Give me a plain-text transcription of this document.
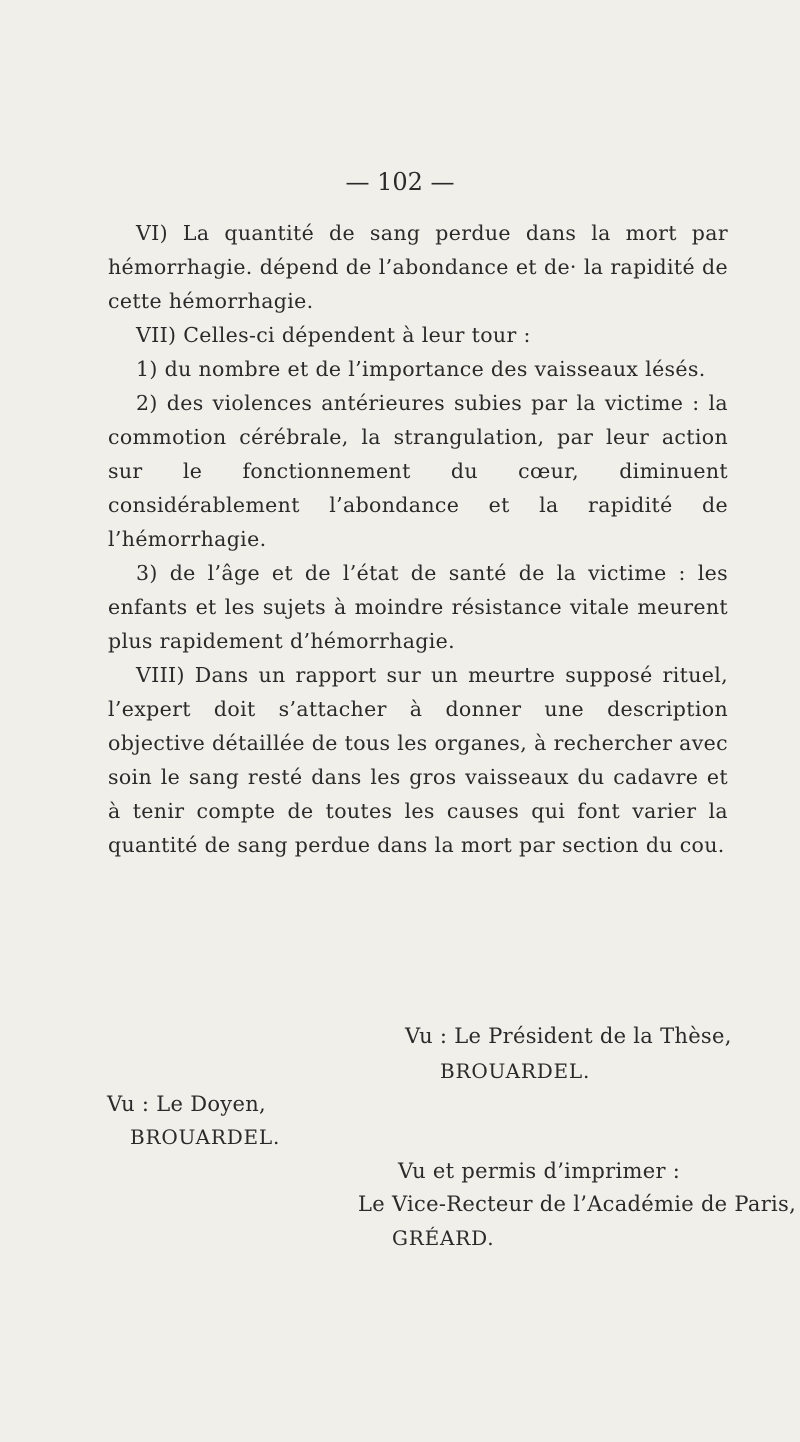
— 102 —

VI) La quantité de sang perdue dans la mort par hémorrhagie. dépend de l’abondance et de· la rapidité de cette hémorrhagie.

VII) Celles-ci dépendent à leur tour :

1) du nombre et de l’importance des vaisseaux lésés.

2) des violences antérieures subies par la victime : la commotion cérébrale, la strangulation, par leur action sur le fonctionnement du cœur, diminuent considérablement l’abondance et la rapidité de l’hémorrhagie.

3) de l’âge et de l’état de santé de la victime : les enfants et les sujets à moindre résistance vitale meurent plus rapidement d’hémorrhagie.

VIII) Dans un rapport sur un meurtre supposé rituel, l’expert doit s’attacher à donner une description objective détaillée de tous les organes, à rechercher avec soin le sang resté dans les gros vaisseaux du cadavre et à tenir compte de toutes les causes qui font varier la quantité de sang perdue dans la mort par section du cou.

Vu : Le Président de la Thèse,
BROUARDEL.
Vu : Le Doyen,
BROUARDEL.
Vu et permis d’imprimer :
Le Vice-Recteur de l’Académie de Paris,
GRÉARD.
